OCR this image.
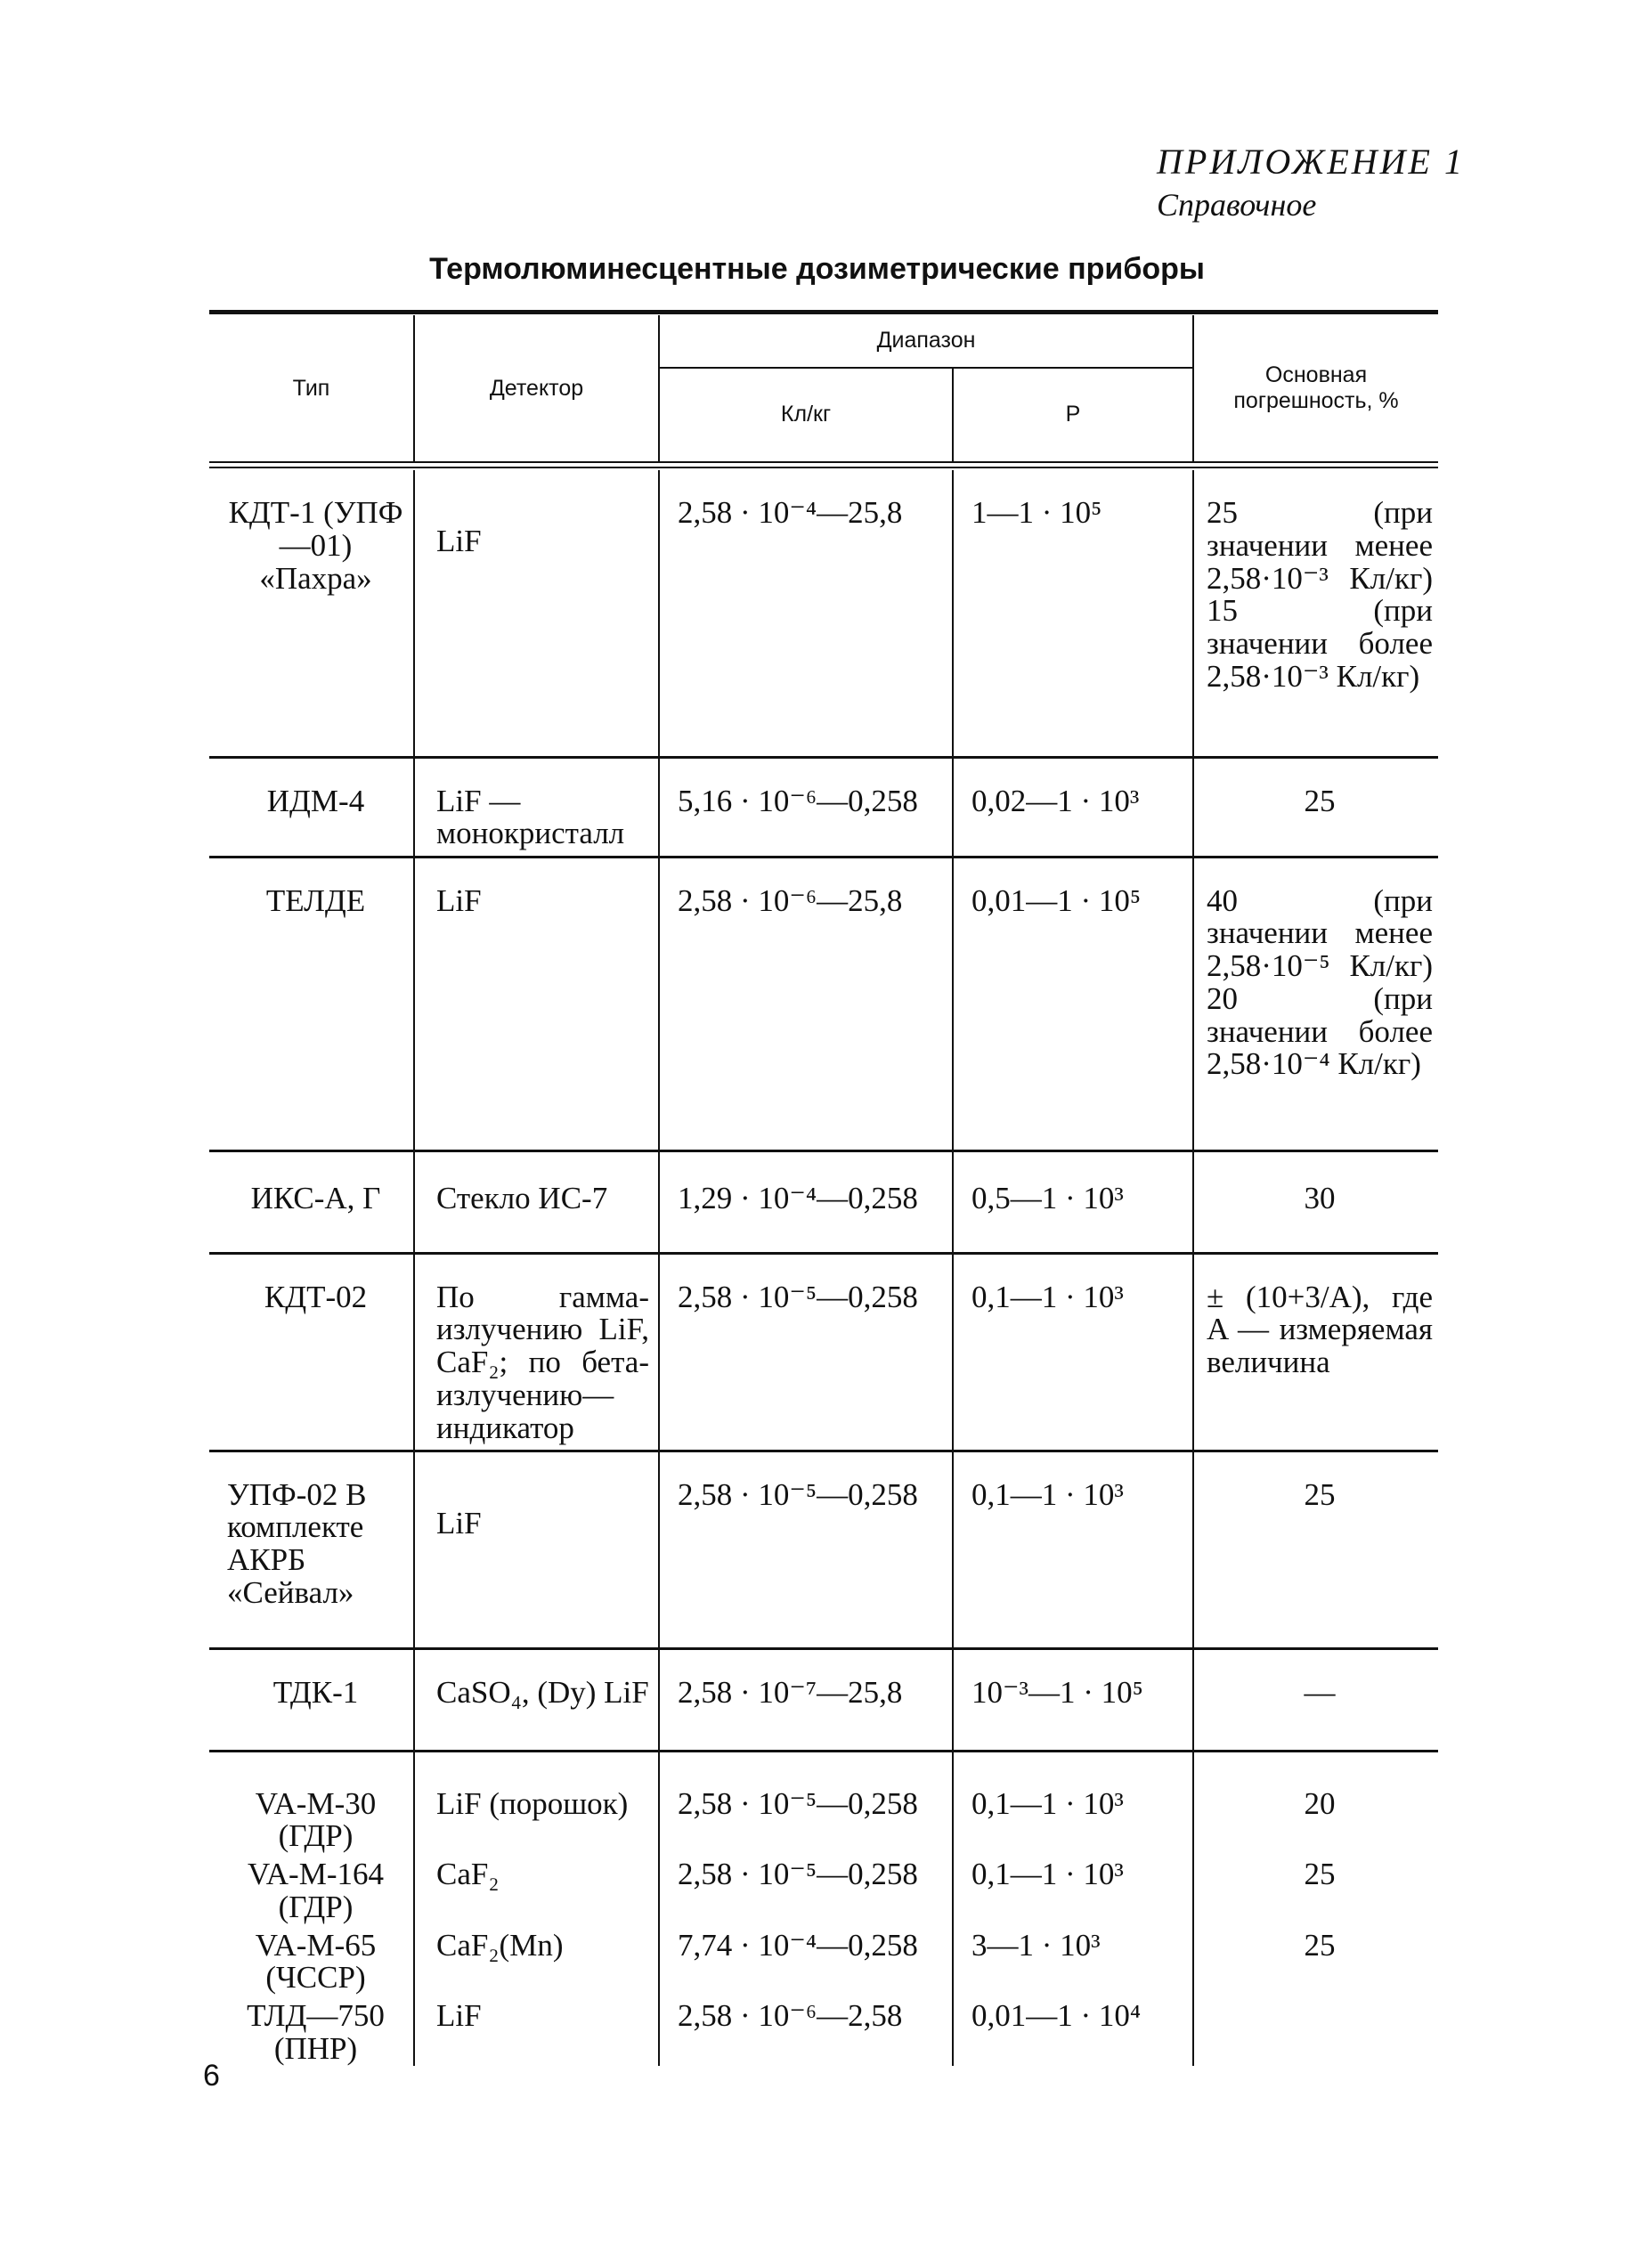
ПРИЛОЖЕНИЕ 1
Справочное
Термолюминесцентные дозиметрические приборы
Тип	Детектор	Диапазон		Основная погрешность, %
		Кл/кг	Р	
КДТ-1 (УПФ—01) «Пахра»	LiF	2,58 · 10⁻⁴—25,8	1—1 · 10⁵	25 (при значении менее 2,58·10⁻³ Кл/кг) 15 (при значении более 2,58·10⁻³ Кл/кг)
ИДМ-4	LiF — монокристалл	5,16 · 10⁻⁶—0,258	0,02—1 · 10³	25
ТЕЛДЕ	LiF	2,58 · 10⁻⁶—25,8	0,01—1 · 10⁵	40 (при значении менее 2,58·10⁻⁵ Кл/кг) 20 (при значении более 2,58·10⁻⁴ Кл/кг)
ИКС-А, Г	Стекло ИС-7	1,29 · 10⁻⁴—0,258	0,5—1 · 10³	30
КДТ-02	По гамма-излучению LiF, CaF₂; по бета-излучению—индикатор	2,58 · 10⁻⁵—0,258	0,1—1 · 10³	± (10+3/A), где A — измеряемая величина
УПФ-02 В комплекте АКРБ «Сейвал»	LiF	2,58 · 10⁻⁵—0,258	0,1—1 · 10³	25
ТДК-1	CaSO₄, (Dy) LiF	2,58 · 10⁻⁷—25,8	10⁻³—1 · 10⁵	—
VA-M-30 (ГДР)	LiF (порошок)	2,58 · 10⁻⁵—0,258	0,1—1 · 10³	20
VA-M-164 (ГДР)	CaF₂	2,58 · 10⁻⁵—0,258	0,1—1 · 10³	25
VA-M-65 (ЧССР)	CaF₂(Mn)	7,74 · 10⁻⁴—0,258	3—1 · 10³	25
ТЛД—750 (ПНР)	LiF	2,58 · 10⁻⁶—2,58	0,01—1 · 10⁴	
6
